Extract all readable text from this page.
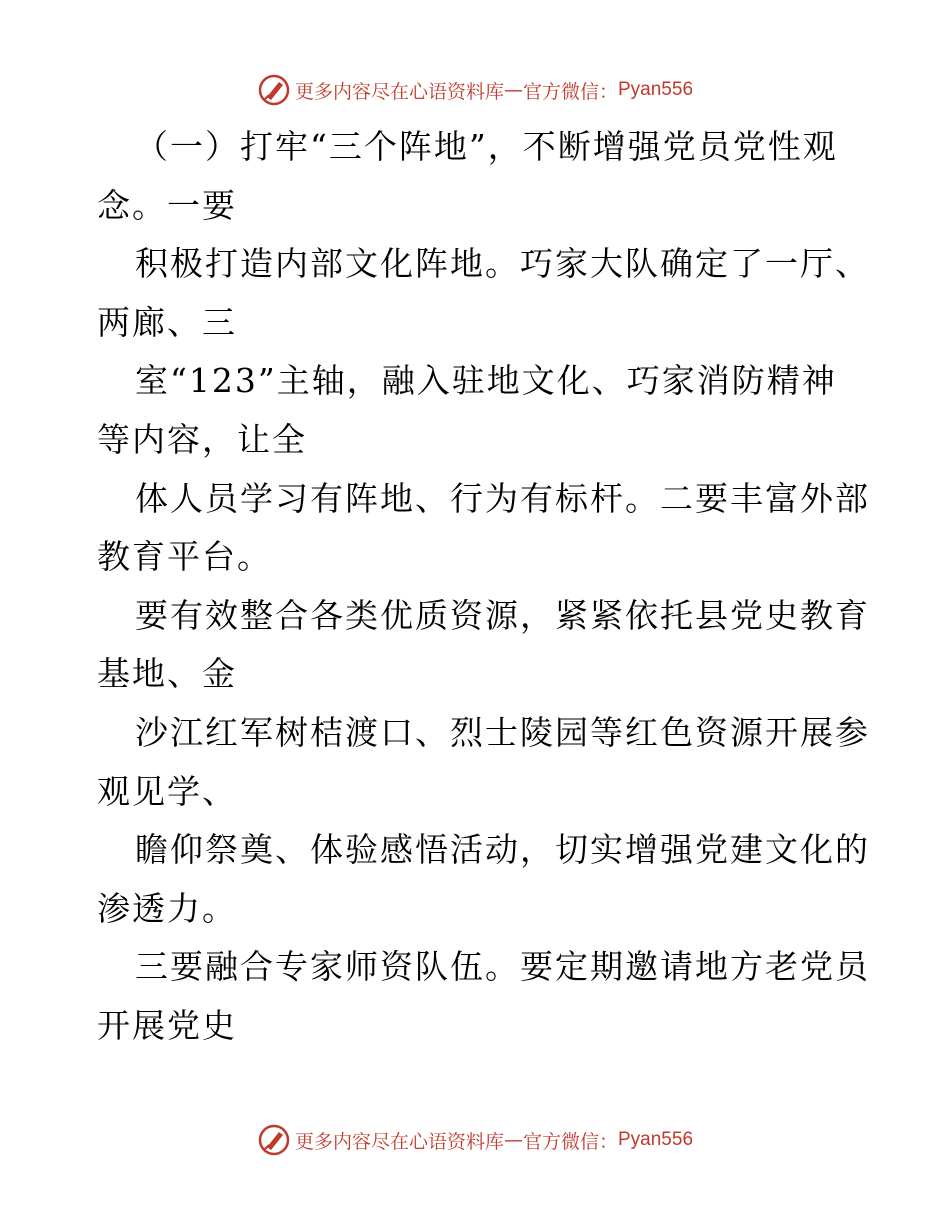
更多内容尽在心语资料库 — 官方微信： Pyan556
（一）打牢“三个阵地”，不断增强党员党性观
念。一要
积极打造内部文化阵地。巧家大队确定了一厅、
两廊、三
室“123”主轴，融入驻地文化、巧家消防精神
等内容，让全
体人员学习有阵地、行为有标杆。二要丰富外部
教育平台。
要有效整合各类优质资源，紧紧依托县党史教育
基地、金
沙江红军树桔渡口、烈士陵园等红色资源开展参
观见学、
瞻仰祭奠、体验感悟活动，切实增强党建文化的
渗透力。
三要融合专家师资队伍。要定期邀请地方老党员
开展党史
更多内容尽在心语资料库 — 官方微信： Pyan556
